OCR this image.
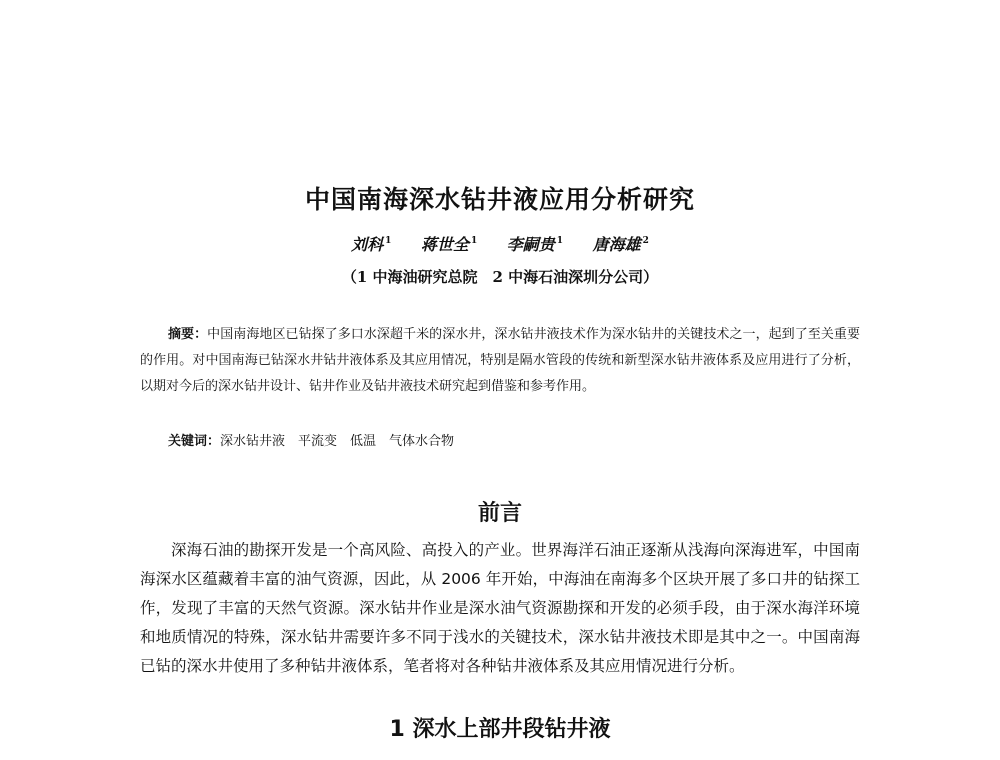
中国南海深水钻井液应用分析研究
刘科 $^1$ 蒋世全 $^1$ 李嗣贵 $^1$ 唐海雄 $^2$
（1 中海油研究总院　2 中海石油深圳分公司）
摘要：中国南海地区已钻探了多口水深超千米的深水井，深水钻井液技术作为深水钻井的关键技术之一，起到了至关重要的作用。对中国南海已钻深水井钻井液体系及其应用情况，特别是隔水管段的传统和新型深水钻井液体系及应用进行了分析，以期对今后的深水钻井设计、钻井作业及钻井液技术研究起到借鉴和参考作用。
关键词：深水钻井液　平流变　低温　气体水合物
前言
深海石油的勘探开发是一个高风险、高投入的产业。世界海洋石油正逐渐从浅海向深海进军，中国南海深水区蕴藏着丰富的油气资源，因此，从 2006 年开始，中海油在南海多个区块开展了多口井的钻探工作，发现了丰富的天然气资源。深水钻井作业是深水油气资源勘探和开发的必须手段，由于深水海洋环境和地质情况的特殊，深水钻井需要许多不同于浅水的关键技术，深水钻井液技术即是其中之一。中国南海已钻的深水井使用了多种钻井液体系，笔者将对各种钻井液体系及其应用情况进行分析。
1 深水上部井段钻井液
